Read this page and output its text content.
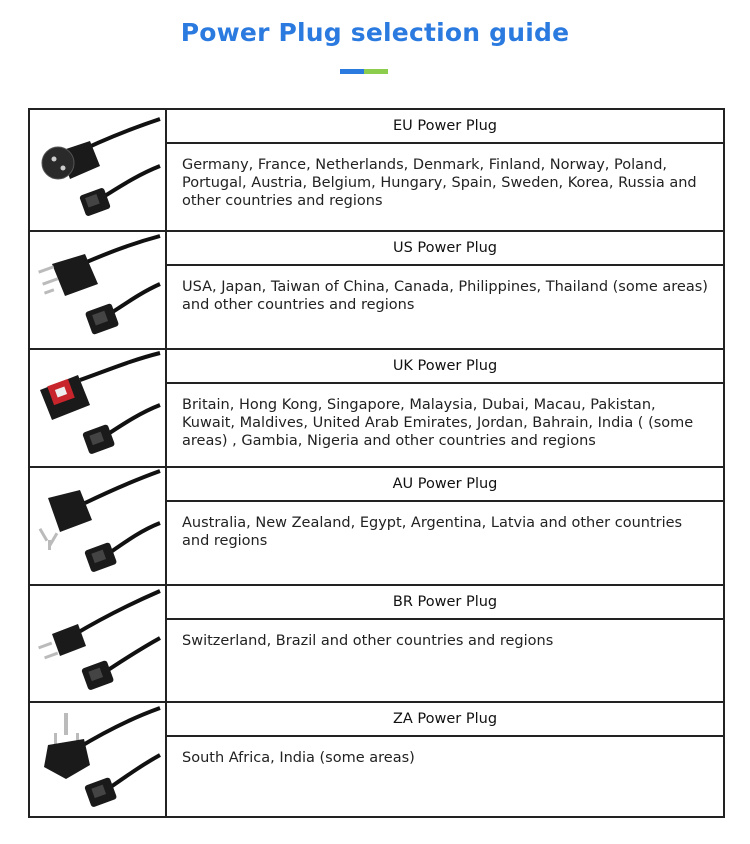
Power Plug selection guide
EU Power Plug
Germany, France, Netherlands, Denmark, Finland, Norway, Poland, Portugal, Austria, Belgium, Hungary, Spain, Sweden, Korea, Russia and other countries and regions
US Power Plug
USA, Japan, Taiwan of China, Canada, Philippines, Thailand (some areas) and other countries and regions
UK Power Plug
Britain, Hong Kong, Singapore, Malaysia, Dubai, Macau, Pakistan, Kuwait, Maldives, United Arab Emirates, Jordan, Bahrain, India ( (some areas) , Gambia, Nigeria and other countries and regions
AU Power Plug
Australia, New Zealand, Egypt, Argentina, Latvia and other countries and regions
BR Power Plug
Switzerland, Brazil and other countries and regions
ZA Power Plug
South Africa, India (some areas)
